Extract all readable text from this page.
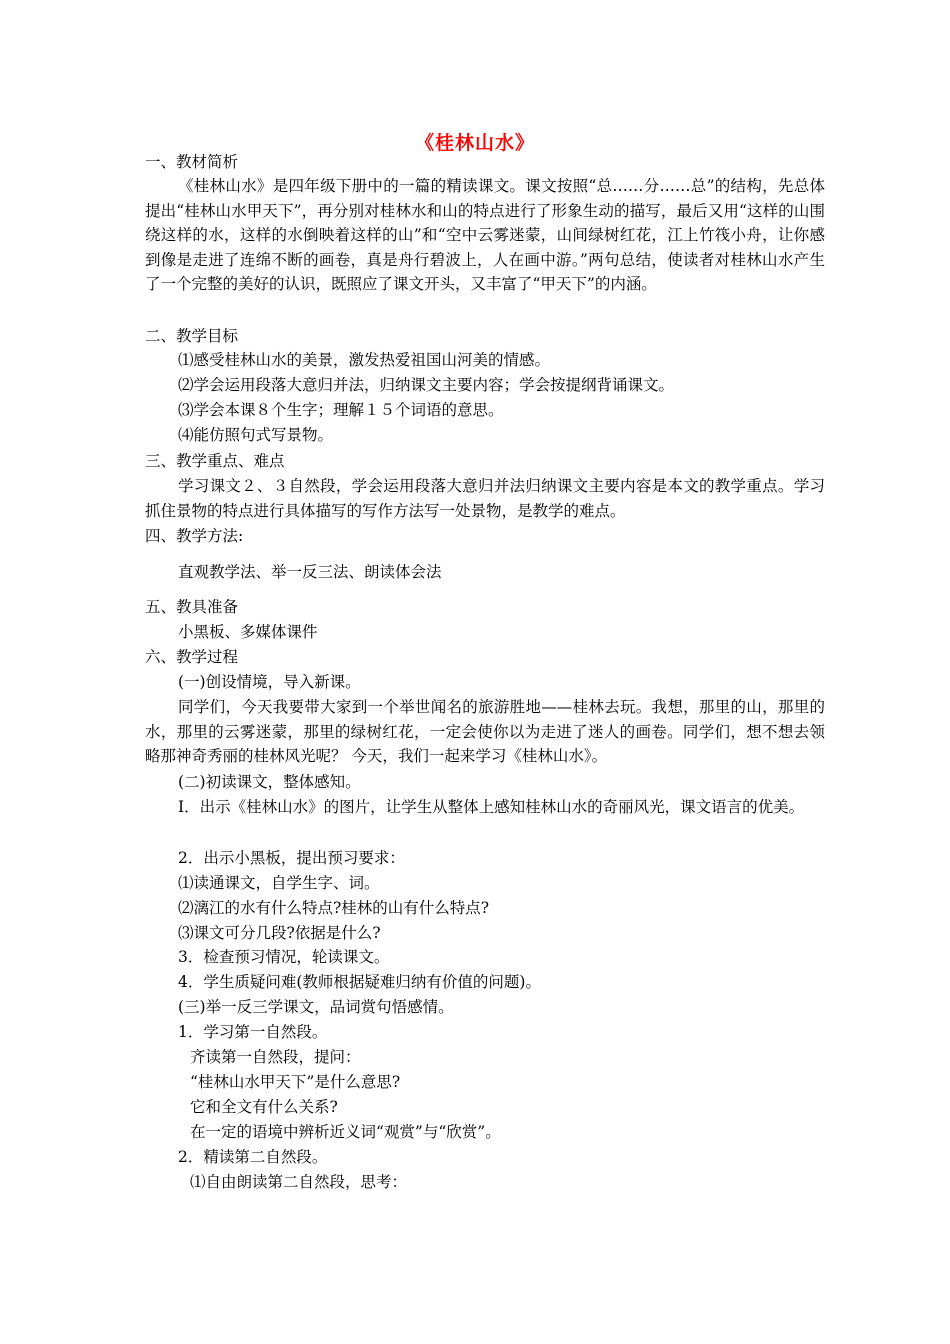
《桂林山水》
一、教材简析

《桂林山水》是四年级下册中的一篇的精读课文。课文按照“总……分……总”的结构，先总体提出“桂林山水甲天下”，再分别对桂林水和山的特点进行了形象生动的描写，最后又用“这样的山围绕这样的水，这样的水倒映着这样的山”和“空中云雾迷蒙，山间绿树红花，江上竹筏小舟，让你感到像是走进了连绵不断的画卷，真是舟行碧波上，人在画中游。”两句总结，使读者对桂林山水产生了一个完整的美好的认识，既照应了课文开头，又丰富了“甲天下”的内涵。

二、教学目标
⑴感受桂林山水的美景，激发热爱祖国山河美的情感。
⑵学会运用段落大意归并法，归纳课文主要内容；学会按提纲背诵课文。
⑶学会本课８个生字；理解１５个词语的意思。
⑷能仿照句式写景物。
三、教学重点、难点

学习课文２、３自然段，学会运用段落大意归并法归纳课文主要内容是本文的教学重点。学习抓住景物的特点进行具体描写的写作方法写一处景物，是教学的难点。

四、教学方法:
直观教学法、举一反三法、朗读体会法
五、教具准备
小黑板、多媒体课件
六、教学过程
(一)创设情境，导入新课。

同学们，今天我要带大家到一个举世闻名的旅游胜地——桂林去玩。我想，那里的山，那里的水，那里的云雾迷蒙，那里的绿树红花，一定会使你以为走进了迷人的画卷。同学们，想不想去领略那神奇秀丽的桂林风光呢？ 今天，我们一起来学习《桂林山水》。

(二)初读课文，整体感知。

I．出示《桂林山水》的图片，让学生从整体上感知桂林山水的奇丽风光，课文语言的优美。

2．出示小黑板，提出预习要求：
⑴读通课文，自学生字、词。
⑵漓江的水有什么特点?桂林的山有什么特点?
⑶课文可分几段?依据是什么?
3．检查预习情况，轮读课文。
4．学生质疑问难(教师根据疑难归纳有价值的问题)。
(三)举一反三学课文，品词赏句悟感情。
1．学习第一自然段。
齐读第一自然段，提问：
“桂林山水甲天下”是什么意思?
它和全文有什么关系?
在一定的语境中辨析近义词“观赏”与“欣赏”。
2．精读第二自然段。
⑴自由朗读第二自然段，思考：
